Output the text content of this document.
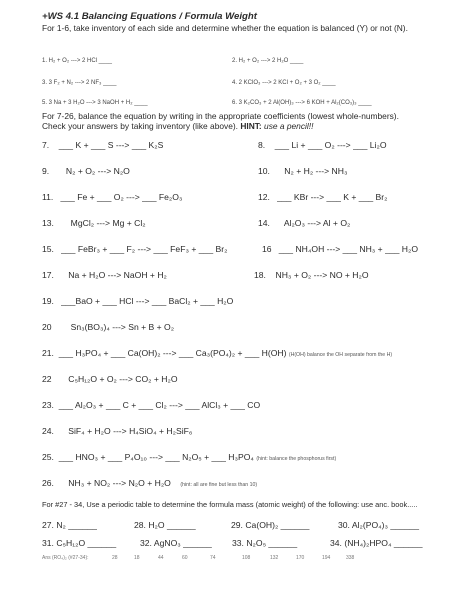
+WS 4.1 Balancing Equations / Formula Weight
For 1-6, take inventory of each side and determine whether the equation is balanced (Y) or not (N).
1. H₂ + O₂ ---> 2 HCl ____	2. H₂ + O₂ ---> 2 H₂O ____
3. 3 F₂ + N₂ ---> 2 NF₃ ____	4. 2 KClO₃ ---> 2 KCl + O₂ + 3 O₂ ____
5. 3 Na + 3 H₂O ---> 3 NaOH + H₂ ____	6. 3 K₂CO₃ + 2 Al(OH)₃ ---> 6 KOH + Al₂(CO₃)₃ ____
For 7-26, balance the equation by writing in the appropriate coefficients (lowest whole-numbers).
Check your answers by taking inventory (like above). HINT: use a pencil!!
7. ___ K + ___ S ---> ___ K₂S	8. ___ Li + ___ O₂ ---> ___ Li₂O
9. N₂ + O₂ ---> N₂O	10. N₂ + H₂ ---> NH₃
11. ___ Fe + ___ O₂ ---> ___ Fe₂O₃	12. ___ KBr ---> ___ K + ___ Br₂
13. MgCl₂ ---> Mg + Cl₂	14. Al₂O₃ ---> Al + O₂
15. ___ FeBr₃ + ___ F₂ ---> ___ FeF₃ + ___ Br₂	16 ___ NH₄OH ---> ___ NH₃ + ___ H₂O
17. Na + H₂O ---> NaOH + H₂	18. NH₃ + O₂ ---> NO + H₂O
19. ___BaO + ___ HCl ---> ___ BaCl₂ + ___ H₂O
20 Sn₃(BO₃)₄ ---> Sn + B + O₂
21. ___ H₃PO₄ + ___ Ca(OH)₂ ---> ___ Ca₃(PO₄)₂ + ___ H(OH) (H(OH) balance the OH separate from the H)
22 C₅H₁₂O + O₂ ---> CO₂ + H₂O
23. ___ Al₂O₃ + ___ C + ___ Cl₂ ---> ___ AlCl₃ + ___ CO
24. SiF₄ + H₂O ---> H₄SiO₄ + H₂SiF₆
25. ___ HNO₃ + ___ P₄O₁₀ ---> ___ N₂O₅ + ___ H₃PO₄ (hint: balance the phosphorus first)
26. NH₃ + NO₂ ---> N₂O + H₂O (hint: all are fine but less than 10)
For #27 - 34, Use a periodic table to determine the formula mass (atomic weight) of the following: use anc. book.....
27. N₂ ______	28. H₂O ______	29. Ca(OH)₂ ______	30. Al₂(PO₄)₃ ______
31. C₅H₁₂O ______	32. AgNO₃ ______ 33. N₂O₅ ______	34. (NH₄)₂HPO₄ ______
Ans (RO₄)₂ (#27-34):	28	18	44	60	74	108	132	170	194	338
